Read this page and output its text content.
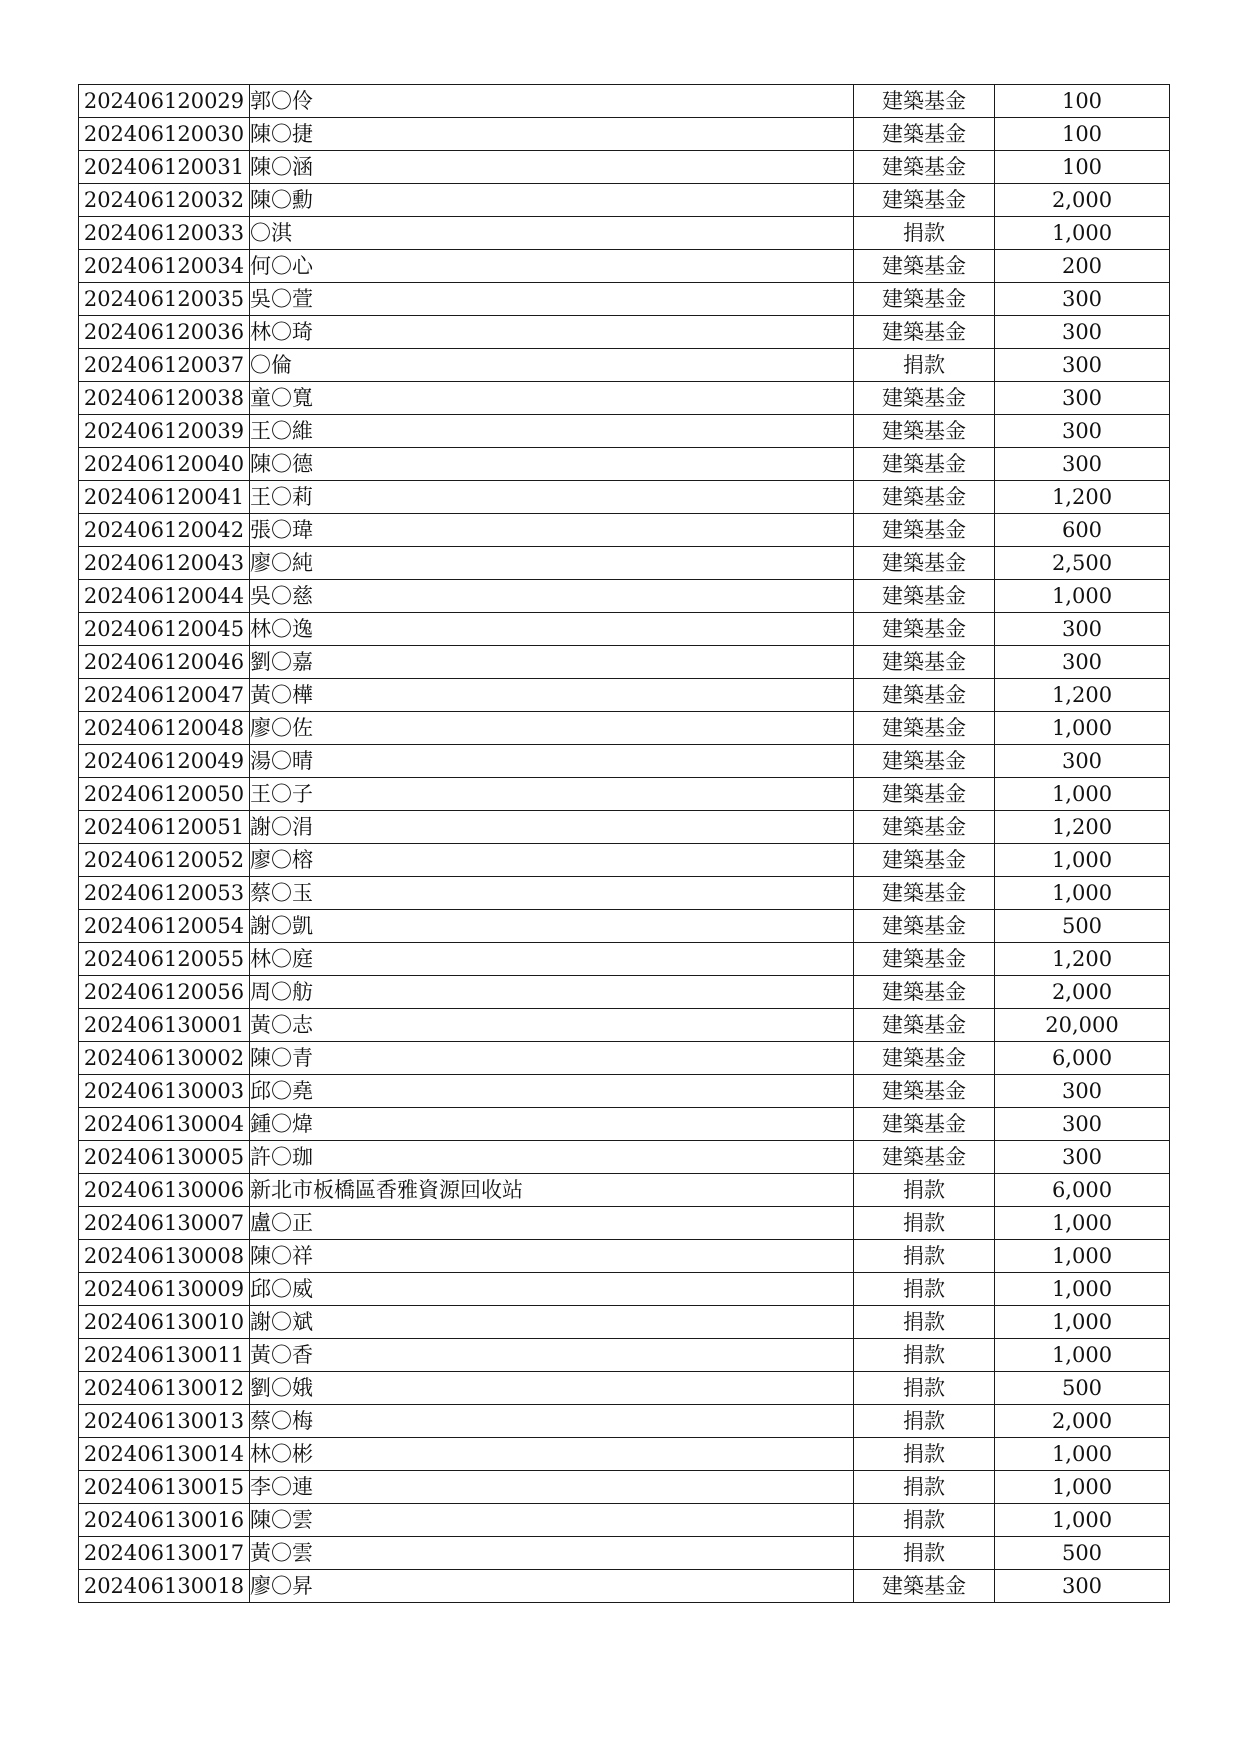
202406120029	郭〇伶	建築基金	100
202406120030	陳〇捷	建築基金	100
202406120031	陳〇涵	建築基金	100
202406120032	陳〇勳	建築基金	2,000
202406120033	〇淇	捐款	1,000
202406120034	何〇心	建築基金	200
202406120035	吳〇萱	建築基金	300
202406120036	林〇琦	建築基金	300
202406120037	〇倫	捐款	300
202406120038	童〇寬	建築基金	300
202406120039	王〇維	建築基金	300
202406120040	陳〇德	建築基金	300
202406120041	王〇莉	建築基金	1,200
202406120042	張〇瑋	建築基金	600
202406120043	廖〇純	建築基金	2,500
202406120044	吳〇慈	建築基金	1,000
202406120045	林〇逸	建築基金	300
202406120046	劉〇嘉	建築基金	300
202406120047	黃〇樺	建築基金	1,200
202406120048	廖〇佐	建築基金	1,000
202406120049	湯〇晴	建築基金	300
202406120050	王〇子	建築基金	1,000
202406120051	謝〇涓	建築基金	1,200
202406120052	廖〇榕	建築基金	1,000
202406120053	蔡〇玉	建築基金	1,000
202406120054	謝〇凱	建築基金	500
202406120055	林〇庭	建築基金	1,200
202406120056	周〇舫	建築基金	2,000
202406130001	黃〇志	建築基金	20,000
202406130002	陳〇青	建築基金	6,000
202406130003	邱〇堯	建築基金	300
202406130004	鍾〇煒	建築基金	300
202406130005	許〇珈	建築基金	300
202406130006	新北市板橋區香雅資源回收站	捐款	6,000
202406130007	盧〇正	捐款	1,000
202406130008	陳〇祥	捐款	1,000
202406130009	邱〇威	捐款	1,000
202406130010	謝〇斌	捐款	1,000
202406130011	黃〇香	捐款	1,000
202406130012	劉〇娥	捐款	500
202406130013	蔡〇梅	捐款	2,000
202406130014	林〇彬	捐款	1,000
202406130015	李〇連	捐款	1,000
202406130016	陳〇雲	捐款	1,000
202406130017	黃〇雲	捐款	500
202406130018	廖〇昇	建築基金	300
